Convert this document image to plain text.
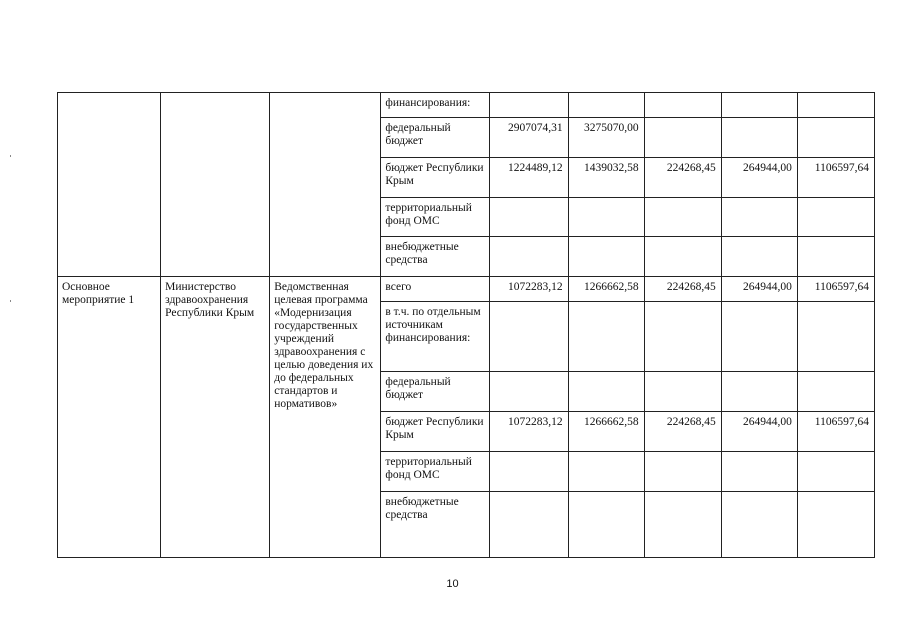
			финансирования:					
			федеральный бюджет	2907074,31	3275070,00			
			бюджет Республики Крым	1224489,12	1439032,58	224268,45	264944,00	1106597,64
			территориальный фонд ОМС					
			внебюджетные средства					
Основное мероприятие 1	Министерство здравоохранения Республики Крым	Ведомственная целевая программа «Модернизация государственных учреждений здравоохранения с целью доведения их до федеральных стандартов и нормативов»	всего	1072283,12	1266662,58	224268,45	264944,00	1106597,64
			в т.ч. по отдельным источникам финансирования:					
			федеральный бюджет					
			бюджет Республики Крым	1072283,12	1266662,58	224268,45	264944,00	1106597,64
			территориальный фонд ОМС					
			внебюджетные средства					
10
